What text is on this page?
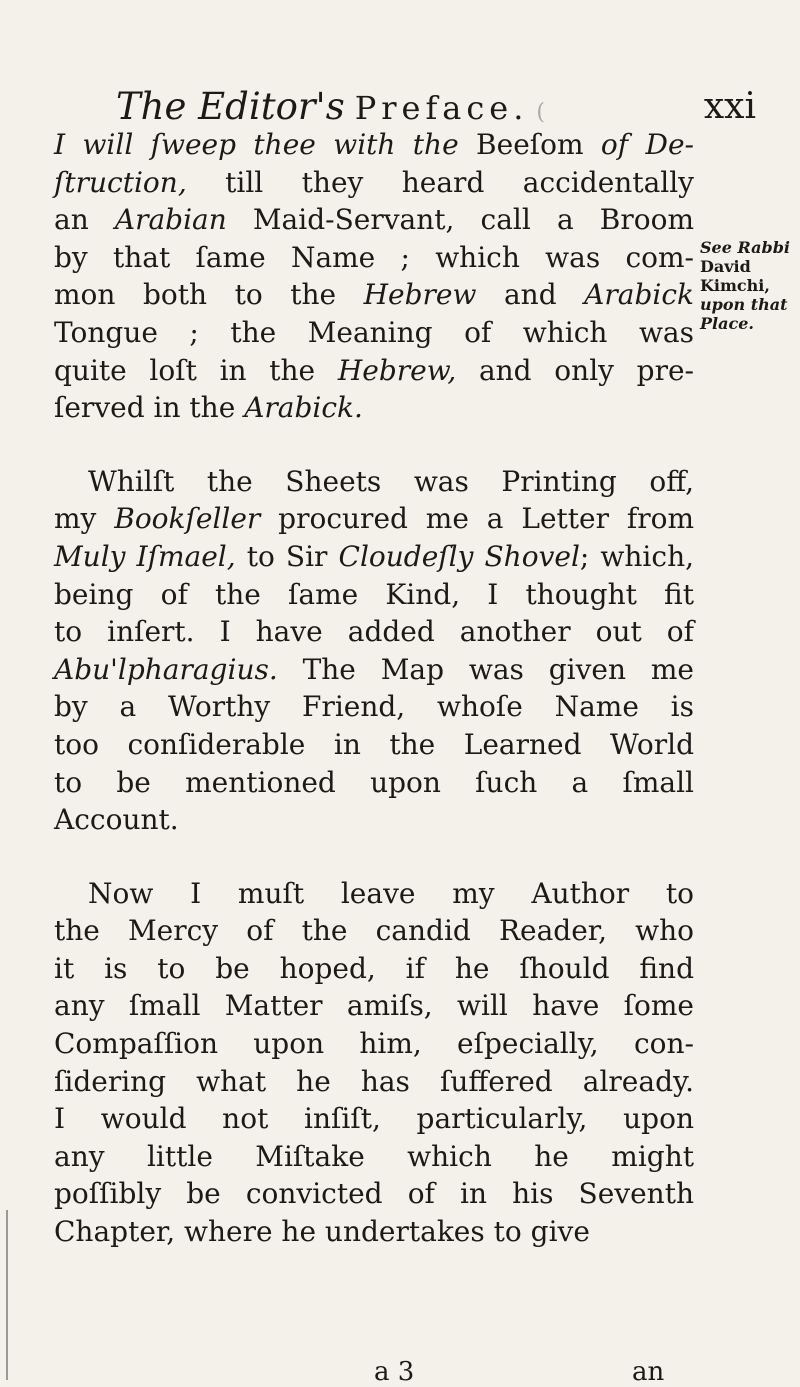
The Editor's Preface. (	xxi
I will ſweep thee with the Beeſom of De-
ſtruction, till they heard accidentally
an Arabian Maid-Servant, call a Broom
by that ſame Name ; which was com-
mon both to the Hebrew and Arabick
Tongue ; the Meaning of which was
quite loſt in the Hebrew, and only pre-
ſerved in the Arabick.
Whilſt the Sheets was Printing off,
my Bookſeller procured me a Letter from
Muly Iſmael, to Sir Cloudeſly Shovel; which,
being of the ſame Kind, I thought fit
to inſert. I have added another out of
Abu'lpharagius. The Map was given me
by a Worthy Friend, whoſe Name is
too conſiderable in the Learned World
to be mentioned upon ſuch a ſmall
Account.
Now I muſt leave my Author to
the Mercy of the candid Reader, who
it is to be hoped, if he ſhould find
any ſmall Matter amiſs, will have ſome
Compaſſion upon him, eſpecially, con-
ſidering what he has ſuffered already.
I would not inſiſt, particularly, upon
any little Miſtake which he might
poſſibly be convicted of in his Seventh
Chapter, where he undertakes to give
See Rabbi
David
Kimchi,
upon that
Place.
a 3	an
